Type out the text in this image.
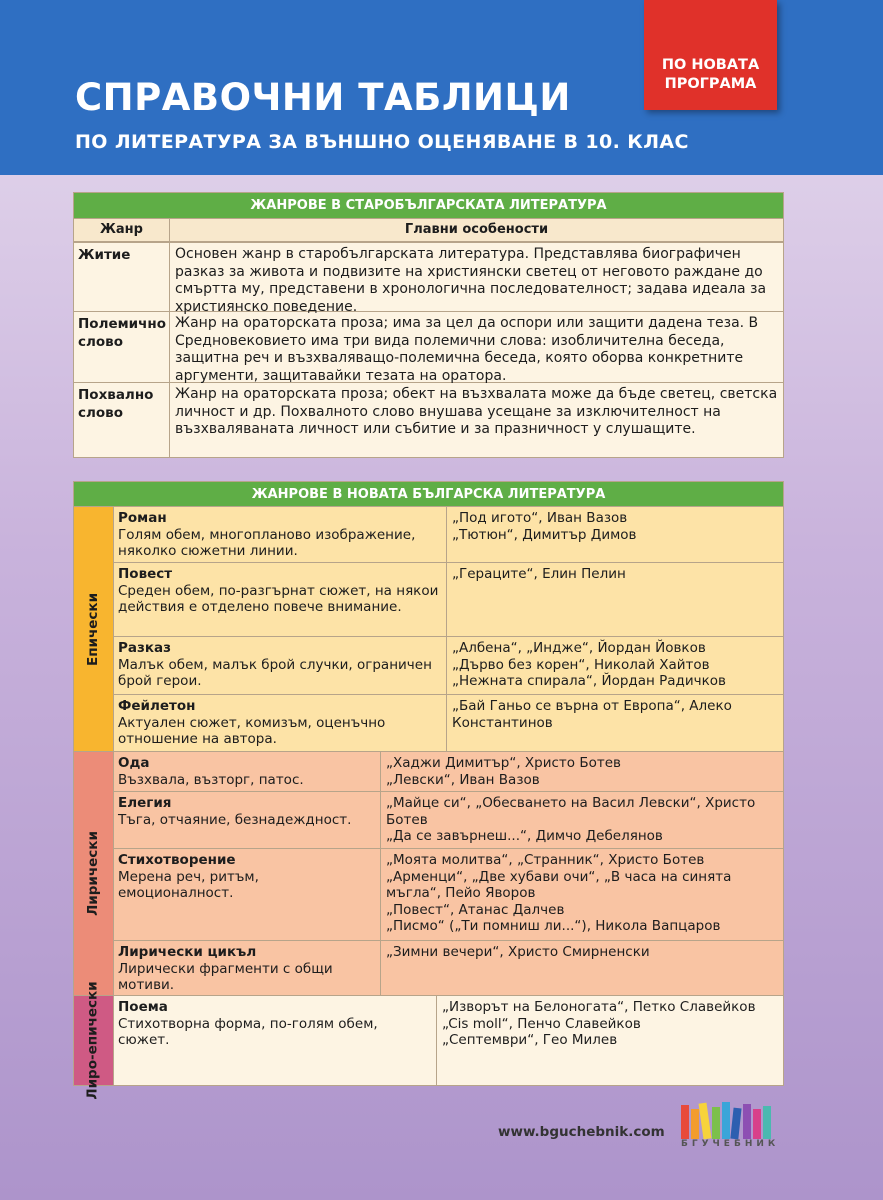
СПРАВОЧНИ ТАБЛИЦИ
ПО ЛИТЕРАТУРА ЗА ВЪНШНО ОЦЕНЯВАНЕ В 10. КЛАС
ПО НОВАТА
ПРОГРАМА
ЖАНРОВЕ В СТАРОБЪЛГАРСКАТА ЛИТЕРАТУРА
Жанр	Главни особености
Житие	Основен жанр в старобългарската литература. Представлява биографичен разказ за живота и подвизите на християнски светец от неговото раждане до смъртта му, представени в хронологична последователност; задава идеала за християнско поведение.
Полемично слово
Жанр на ораторската проза; има за цел да оспори или защити дадена теза. В Средновековието има три вида полемични слова: изобличителна беседа, защитна реч и възхваляващо-полемична беседа, която оборва конкретните аргументи, защитавайки тезата на оратора.
Похвално слово
Жанр на ораторската проза; обект на възхвалата може да бъде светец, светска личност и др. Похвалното слово внушава усещане за изключителност на възхваляваната личност или събитие и за празничност у слушащите.
ЖАНРОВЕ В НОВАТА БЪЛГАРСКА ЛИТЕРАТУРА
Епически
Роман
Голям обем, многопланово изображение, няколко сюжетни линии.
„Под игото“, Иван Вазов
„Тютюн“, Димитър Димов
Повест
Среден обем, по-разгърнат сюжет, на някои действия е отделено повече внимание.
„Гераците“, Елин Пелин
Разказ
Малък обем, малък брой случки, ограничен брой герои.
„Албена“, „Индже“, Йордан Йовков
„Дърво без корен“, Николай Хайтов
„Нежната спирала“, Йордан Радичков
Фейлетон
Актуален сюжет, комизъм, оценъчно отношение на автора.
„Бай Ганьо се върна от Европа“, Алеко Константинов
Лирически
Ода
Възхвала, възторг, патос.
„Хаджи Димитър“, Христо Ботев
„Левски“, Иван Вазов
Елегия
Тъга, отчаяние, безнадеждност.
„Майце си“, „Обесването на Васил Левски“, Христо Ботев
„Да се завърнеш...“, Димчо Дебелянов
Стихотворение
Мерена реч, ритъм, емоционалност.
„Моята молитва“, „Странник“, Христо Ботев
„Арменци“, „Две хубави очи“, „В часа на синята мъгла“, Пейо Яворов
„Повест“, Атанас Далчев
„Писмо“ („Ти помниш ли...“), Никола Вапцаров
Лирически цикъл
Лирически фрагменти с общи мотиви.
„Зимни вечери“, Христо Смирненски
Лиро-епически Поема
Стихотворна форма, по-голям обем, сюжет.
„Изворът на Белоногата“, Петко Славейков
„Cis moll“, Пенчо Славейков
„Септември“, Гео Милев
www.bguchebnik.com
БГУЧЕБНИК
